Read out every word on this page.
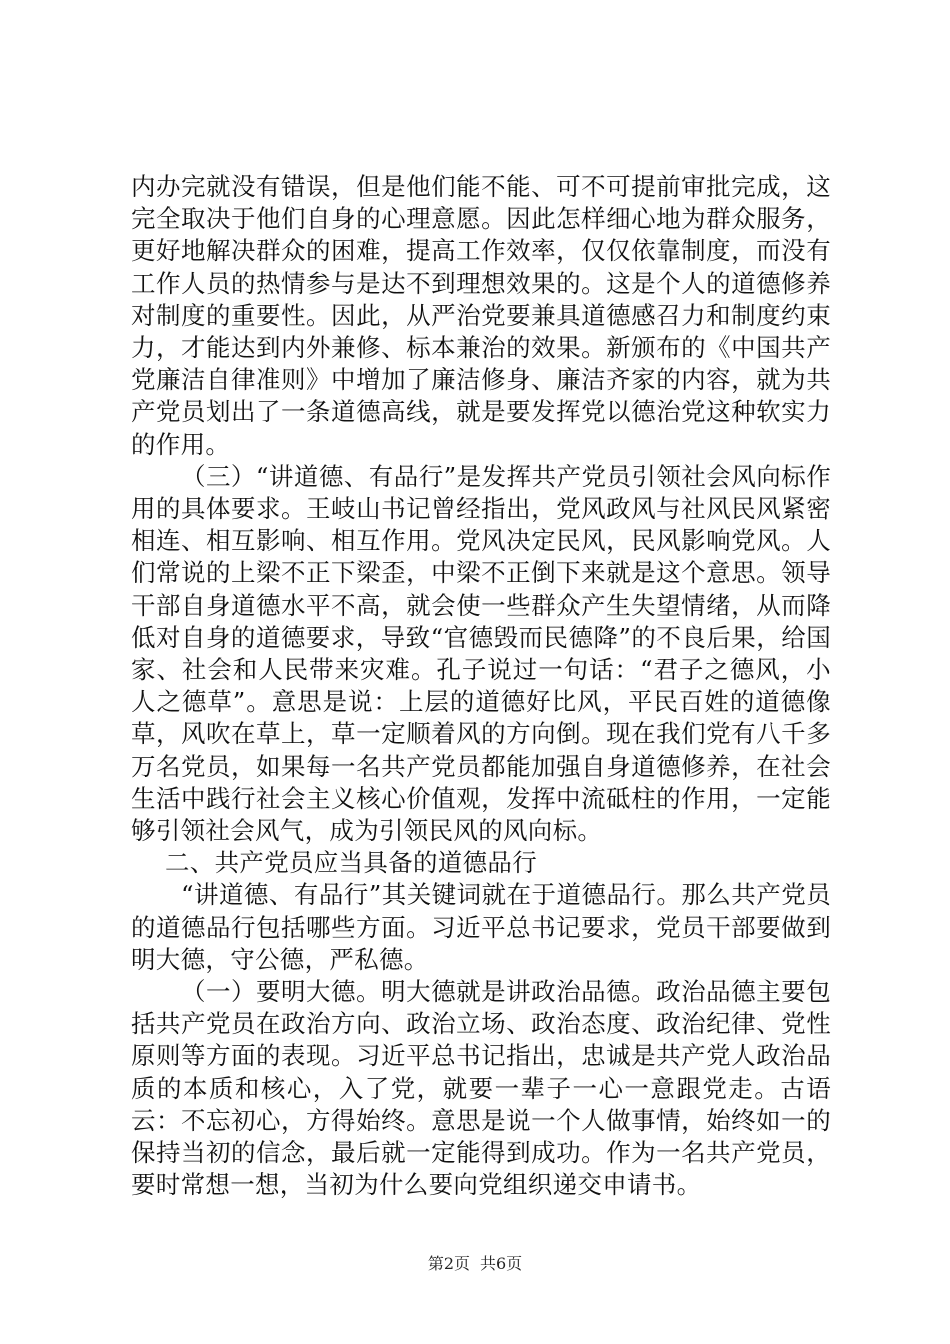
内办完就没有错误，但是他们能不能、可不可提前审批完成，这完全取决于他们自身的心理意愿。因此怎样细心地为群众服务，更好地解决群众的困难，提高工作效率，仅仅依靠制度，而没有工作人员的热情参与是达不到理想效果的。这是个人的道德修养对制度的重要性。因此，从严治党要兼具道德感召力和制度约束力，才能达到内外兼修、标本兼治的效果。新颁布的《中国共产党廉洁自律准则》中增加了廉洁修身、廉洁齐家的内容，就为共产党员划出了一条道德高线，就是要发挥党以德治党这种软实力的作用。

（三）“讲道德、有品行”是发挥共产党员引领社会风向标作用的具体要求。王岐山书记曾经指出，党风政风与社风民风紧密相连、相互影响、相互作用。党风决定民风，民风影响党风。人们常说的上梁不正下梁歪，中梁不正倒下来就是这个意思。领导干部自身道德水平不高，就会使一些群众产生失望情绪，从而降低对自身的道德要求，导致“官德毁而民德降”的不良后果，给国家、社会和人民带来灾难。孔子说过一句话：“君子之德风，小人之德草”。意思是说：上层的道德好比风，平民百姓的道德像草，风吹在草上，草一定顺着风的方向倒。现在我们党有八千多万名党员，如果每一名共产党员都能加强自身道德修养，在社会生活中践行社会主义核心价值观，发挥中流砥柱的作用，一定能够引领社会风气，成为引领民风的风向标。

二、共产党员应当具备的道德品行

“讲道德、有品行”其关键词就在于道德品行。那么共产党员的道德品行包括哪些方面。习近平总书记要求，党员干部要做到明大德，守公德，严私德。

（一）要明大德。明大德就是讲政治品德。政治品德主要包括共产党员在政治方向、政治立场、政治态度、政治纪律、党性原则等方面的表现。习近平总书记指出，忠诚是共产党人政治品质的本质和核心，入了党，就要一辈子一心一意跟党走。古语云：不忘初心，方得始终。意思是说一个人做事情，始终如一的保持当初的信念，最后就一定能得到成功。作为一名共产党员，要时常想一想，当初为什么要向党组织递交申请书。

第2页 共6页
